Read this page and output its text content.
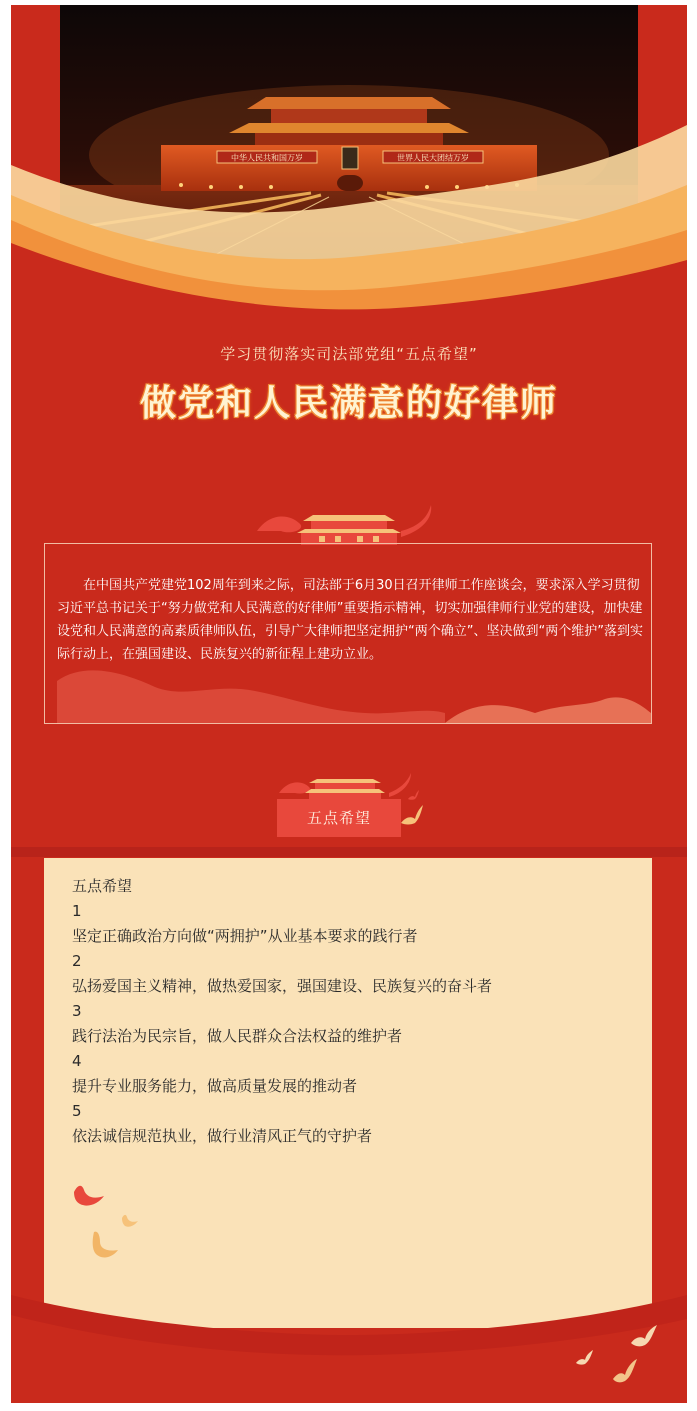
中华人民共和国万岁	世界人民大团结万岁
学习贯彻落实司法部党组“五点希望”
做党和人民满意的好律师

在中国共产党建党102周年到来之际，司法部于6月30日召开律师工作座谈会，要求深入学习贯彻习近平总书记关于“努力做党和人民满意的好律师”重要指示精神，切实加强律师行业党的建设，加快建设党和人民满意的高素质律师队伍，引导广大律师把坚定拥护“两个确立”、坚决做到“两个维护”落到实际行动上，在强国建设、民族复兴的新征程上建功立业。

五点希望
五点希望
1
坚定正确政治方向做“两拥护”从业基本要求的践行者
2
弘扬爱国主义精神，做热爱国家，强国建设、民族复兴的奋斗者
3
践行法治为民宗旨，做人民群众合法权益的维护者
4
提升专业服务能力，做高质量发展的推动者
5
依法诚信规范执业，做行业清风正气的守护者
